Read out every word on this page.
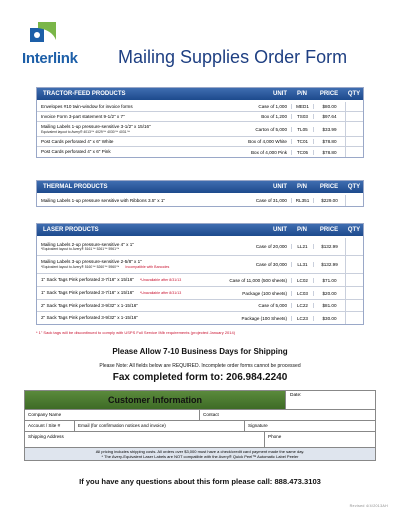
Interlink Mailing Supplies Order Form
TRACTOR-FEED PRODUCTS	UNIT	P/N	PRICE	QTY
Envelopes #10 twin-window for invoice forms	Case of 1,000	MED1	$80.00
Invoice Form 3-part statement 9-1/2" x 7"	Box of 1,200	TS03	$97.64
Mailing Labels 1-up pressure-sensitive 3-1/2" x 15/16"
Equivalent layout to Avery® 4013™ 4029™ 4030™ 4031™
Carton of 5,000	TL05	$33.99
Post Cards perforated 4" x 6" White	Box of 4,000 White	TC01	$78.80
Post Cards perforated 4" x 6" Pink	Box of 4,000 Pink	TC05	$78.80
THERMAL PRODUCTS	UNIT	P/N	PRICE	QTY
Mailing Labels 1-up pressure sensitive with Ribbons 3.5" x 1"	Case of 31,000	RL351	$229.00
LASER PRODUCTS	UNIT	P/N	PRICE	QTY
Mailing Labels 2-up pressure-sensitive 4" x 1"
*Equivalent layout to Avery® 5161™ 5261™ 5961™
Case of 20,000	LL21	$132.99
Mailing Labels 3-up pressure-sensitive 2-5/8" x 1"
*Equivalent layout to Avery® 5160™ 5260™ 5960™ Incompatible with Barcodes
Case of 30,000	LL31	$132.99
1" Sack Tags Pink perforated 3-7/16" x 15/16" *Unavailable after 8/31/13	Case of 11,000 (500 sheets)	LC02	$71.00
1" Sack Tags Pink perforated 3-7/16" x 15/16" *Unavailable after 8/31/13	Package (100 sheets)	LC03	$20.00
2" Sack Tags Pink perforated 3-9/32" x 1-15/16"	Case of 5,000	LC22	$81.00
2" Sack Tags Pink perforated 3-9/32" x 1-15/16"	Package (100 Sheets)	LC23	$30.00
* 1" Sack tags will be discontinued to comply with USPS Full Service IMb requirements (projected January 2014)
Please Allow 7-10 Business Days for Shipping
Please Note: All fields below are REQUIRED. Incomplete order forms cannot be processed
Fax completed form to: 206.984.2240
Customer Information	Date:
Company Name	Contact
Account / Site #	Email (for confirmation notices and invoice)	Signature
Shipping Address	Phone
All pricing includes shipping costs. All orders over $3,000 must have a check/credit card payment made the same day.
* The Avery-Equivalent Laser Labels are NOT compatible with the Avery® Quick Peel™ Automatic Label Peeler
If you have any questions about this form please call: 888.473.3103
Revised 4/4/2013AH
